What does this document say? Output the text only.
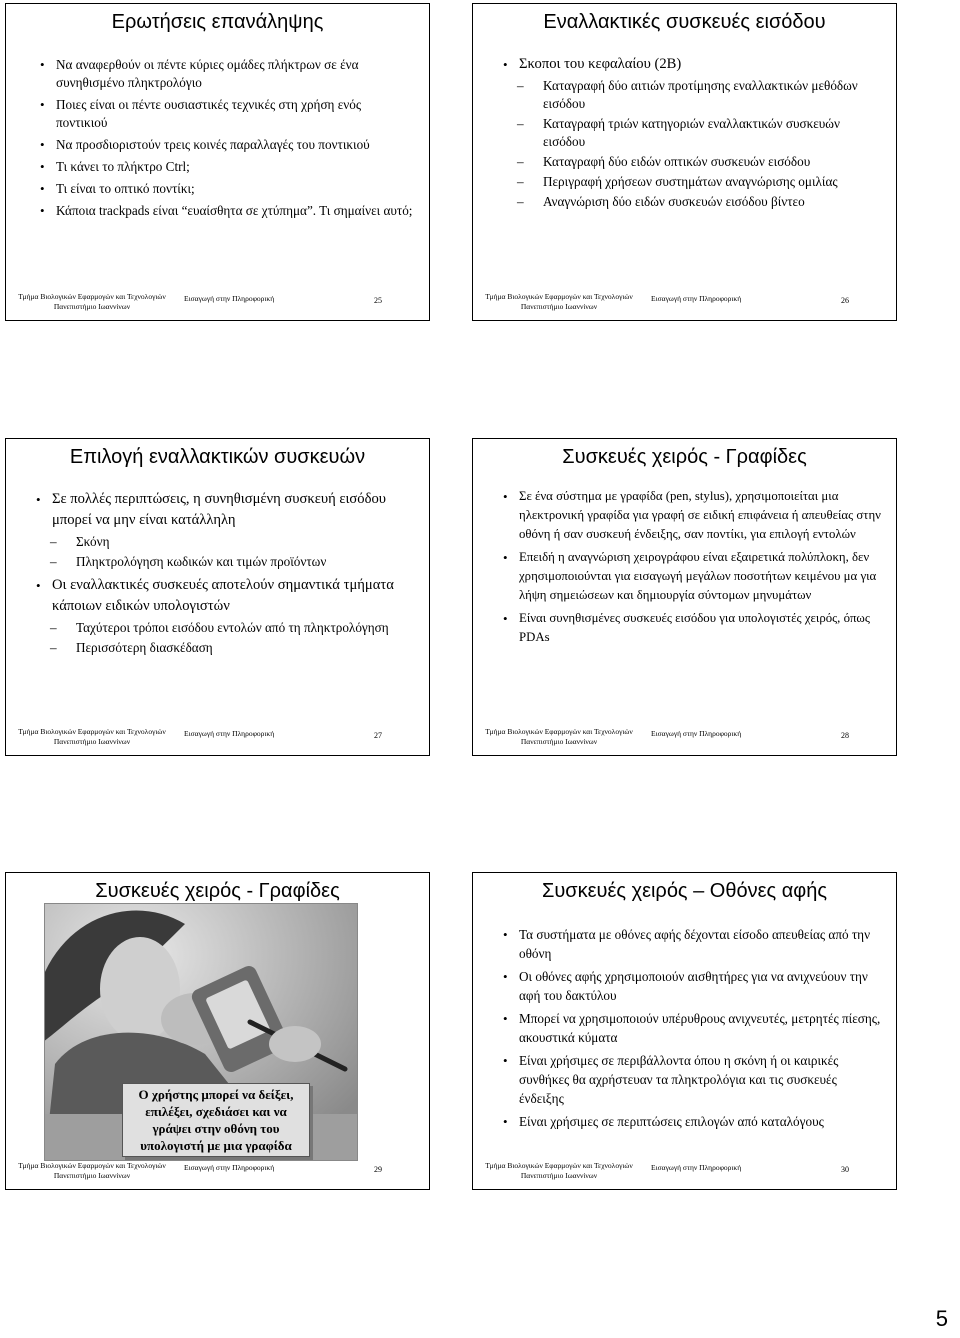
Ερωτήσεις επανάληψης
• Να αναφερθούν οι πέντε κύριες ομάδες πλήκτρων σε ένα συνηθισμένο πληκτρολόγιο
• Ποιες είναι οι πέντε ουσιαστικές τεχνικές στη χρήση ενός ποντικιού
• Να προσδιοριστούν τρεις κοινές παραλλαγές του ποντικιού
• Τι κάνει το πλήκτρο Ctrl;
• Τι είναι το οπτικό ποντίκι;
• Κάποια trackpads είναι “ευαίσθητα σε χτύπημα”. Τι σημαίνει αυτό;
Τμήμα Βιολογικών Εφαρμογών και Τεχνολογιών
Πανεπιστήμιο Ιωαννίνων
Εισαγωγή στην Πληροφορική	25
Εναλλακτικές συσκευές εισόδου
• Σκοποι του κεφαλαίου (2Β)
– Καταγραφή δύο αιτιών προτίμησης εναλλακτικών μεθόδων εισόδου
– Καταγραφή τριών κατηγοριών εναλλακτικών συσκευών εισόδου
– Καταγραφή δύο ειδών οπτικών συσκευών εισόδου
– Περιγραφή χρήσεων συστημάτων αναγνώρισης ομιλίας
– Αναγνώριση δύο ειδών συσκευών εισόδου βίντεο
Τμήμα Βιολογικών Εφαρμογών και Τεχνολογιών
Πανεπιστήμιο Ιωαννίνων
Εισαγωγή στην Πληροφορική	26
Επιλογή εναλλακτικών συσκευών
• Σε πολλές περιπτώσεις, η συνηθισμένη συσκευή εισόδου μπορεί να μην είναι κατάλληλη
– Σκόνη
– Πληκτρολόγηση κωδικών και τιμών προϊόντων
• Οι εναλλακτικές συσκευές αποτελούν σημαντικά τμήματα κάποιων ειδικών υπολογιστών
– Ταχύτεροι τρόποι εισόδου εντολών από τη πληκτρολόγηση
– Περισσότερη διασκέδαση
Τμήμα Βιολογικών Εφαρμογών και Τεχνολογιών
Πανεπιστήμιο Ιωαννίνων
Εισαγωγή στην Πληροφορική	27
Συσκευές χειρός - Γραφίδες
• Σε ένα σύστημα με γραφίδα (pen, stylus), χρησιμοποιείται μια ηλεκτρονική γραφίδα για γραφή σε ειδική επιφάνεια ή απευθείας στην οθόνη ή σαν συσκευή ένδειξης, σαν ποντίκι, για επιλογή εντολών
• Επειδή η αναγνώριση χειρογράφου είναι εξαιρετικά πολύπλοκη, δεν χρησιμοποιούνται για εισαγωγή μεγάλων ποσοτήτων κειμένου μα για λήψη σημειώσεων και δημιουργία σύντομων μηνυμάτων
• Είναι συνηθισμένες συσκευές εισόδου για υπολογιστές χειρός, όπως PDAs
Τμήμα Βιολογικών Εφαρμογών και Τεχνολογιών
Πανεπιστήμιο Ιωαννίνων
Εισαγωγή στην Πληροφορική	28
Συσκευές χειρός - Γραφίδες
Ο χρήστης μπορεί να δείξει, επιλέξει, σχεδιάσει και να γράψει στην οθόνη του υπολογιστή με μια γραφίδα
Τμήμα Βιολογικών Εφαρμογών και Τεχνολογιών
Πανεπιστήμιο Ιωαννίνων
Εισαγωγή στην Πληροφορική	29
Συσκευές χειρός – Οθόνες αφής
• Τα συστήματα με οθόνες αφής δέχονται είσοδο απευθείας από την οθόνη
• Οι οθόνες αφής χρησιμοποιούν αισθητήρες για να ανιχνεύουν την αφή του δακτύλου
• Μπορεί να χρησιμοποιούν υπέρυθρους ανιχνευτές, μετρητές πίεσης, ακουστικά κύματα
• Είναι χρήσιμες σε περιβάλλοντα όπου η σκόνη ή οι καιρικές συνθήκες θα αχρήστευαν τα πληκτρολόγια και τις συσκευές ένδειξης
• Είναι χρήσιμες σε περιπτώσεις επιλογών από καταλόγους
Τμήμα Βιολογικών Εφαρμογών και Τεχνολογιών
Πανεπιστήμιο Ιωαννίνων
Εισαγωγή στην Πληροφορική	30
5
